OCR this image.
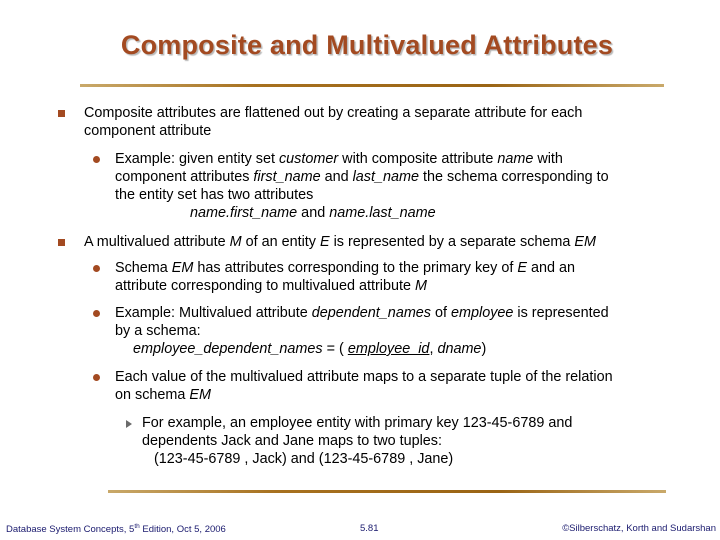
Composite and Multivalued Attributes
Composite attributes are flattened out by creating a separate attribute for each
component attribute
Example: given entity set customer with composite attribute name with
component attributes first_name and last_name the schema corresponding to
the entity set has two attributes
name.first_name and name.last_name
A multivalued attribute M of an entity E is represented by a separate schema EM
Schema EM has attributes corresponding to the primary key of E and an
attribute corresponding to multivalued attribute M
Example: Multivalued attribute dependent_names of employee is represented
by a schema:
employee_dependent_names = ( employee_id, dname)
Each value of the multivalued attribute maps to a separate tuple of the relation
on schema EM
For example, an employee entity with primary key 123-45-6789 and
dependents Jack and Jane maps to two tuples:
(123-45-6789 , Jack) and (123-45-6789 , Jane)

Database System Concepts, 5th Edition, Oct 5, 2006	5.81	©Silberschatz, Korth and Sudarshan
